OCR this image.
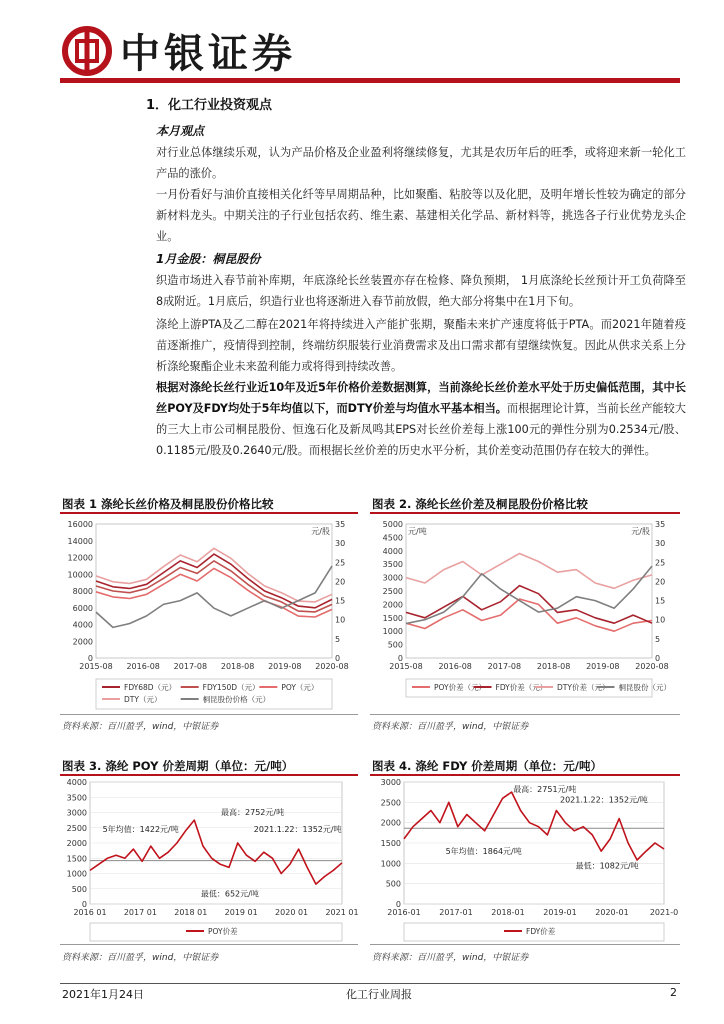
中银证券
1．化工行业投资观点
本月观点
对行业总体继续乐观，认为产品价格及企业盈利将继续修复，尤其是农历年后的旺季，或将迎来新一轮化工产品的涨价。
一月份看好与油价直接相关化纤等早周期品种，比如聚酯、粘胶等以及化肥，及明年增长性较为确定的部分新材料龙头。中期关注的子行业包括农药、维生素、基建相关化学品、新材料等，挑选各子行业优势龙头企业。
1月金股：桐昆股份
织造市场进入春节前补库期，年底涤纶长丝装置亦存在检修、降负预期， 1月底涤纶长丝预计开工负荷降至8成附近。1月底后，织造行业也将逐渐进入春节前放假，绝大部分将集中在1月下旬。
涤纶上游PTA及乙二醇在2021年将持续进入产能扩张期，聚酯未来扩产速度将低于PTA。而2021年随着疫苗逐渐推广，疫情得到控制，终端纺织服装行业消费需求及出口需求都有望继续恢复。因此从供求关系上分析涤纶聚酯企业未来盈利能力或将得到持续改善。
根据对涤纶长丝行业近10年及近5年价格价差数据测算，当前涤纶长丝价差水平处于历史偏低范围，其中长丝POY及FDY均处于5年均值以下，而DTY价差与均值水平基本相当。而根据理论计算，当前长丝产能较大的三大上市公司桐昆股份、恒逸石化及新凤鸣其EPS对长丝价差每上涨100元的弹性分别为0.2534元/股、0.1185元/股及0.2640元/股。而根据长丝价差的历史水平分析，其价差变动范围仍存在较大的弹性。
图表 1 涤纶长丝价格及桐昆股份价格比较
0
2000
4000
6000
8000
10000
12000
14000
16000
0
5
10
15
20
25
30
35
元/股
2015-08 2016-08 2017-08 2018-08 2019-08 2020-08
FDY68D（元）	FDY150D（元）	POY（元）
DTY（元）	桐昆股份价格（元）
资料来源：百川盈孚，wind，中银证券
图表 2. 涤纶长丝价差及桐昆股份价格比较
0
500
1000
1500
2000
2500
3000
3500
4000
4500
5000
0
5
10
15
20
25
30
35
元/吨	元/股
2015-08 2016-08 2017-08 2018-08 2019-08 2020-08
POY价差（元） FDY价差（元） DTY价差（元） 桐昆股份（元）
资料来源：百川盈孚，wind，中银证券
图表 3. 涤纶 POY 价差周期（单位：元/吨）
0
500
1000
1500
2000
2500
3000
3500
4000
2016 01 2017 01 2018 01 2019 01 2020 01 2021 01
最高：2752元/吨
5年均值：1422元/吨	2021.1.22：1352元/吨
最低：652元/吨
POY价差
资料来源：百川盈孚，wind，中银证券
图表 4. 涤纶 FDY 价差周期（单位：元/吨）
0
500
1000
1500
2000
2500
3000
2016-01 2017-01 2018-01 2019-01 2020-01	2021-0
最高：2751元/吨
2021.1.22：1352元/吨
5年均值：1864元/吨
最低：1082元/吨
FDY价差
资料来源：百川盈孚，wind，中银证券
2021年1月24日	化工行业周报	2
